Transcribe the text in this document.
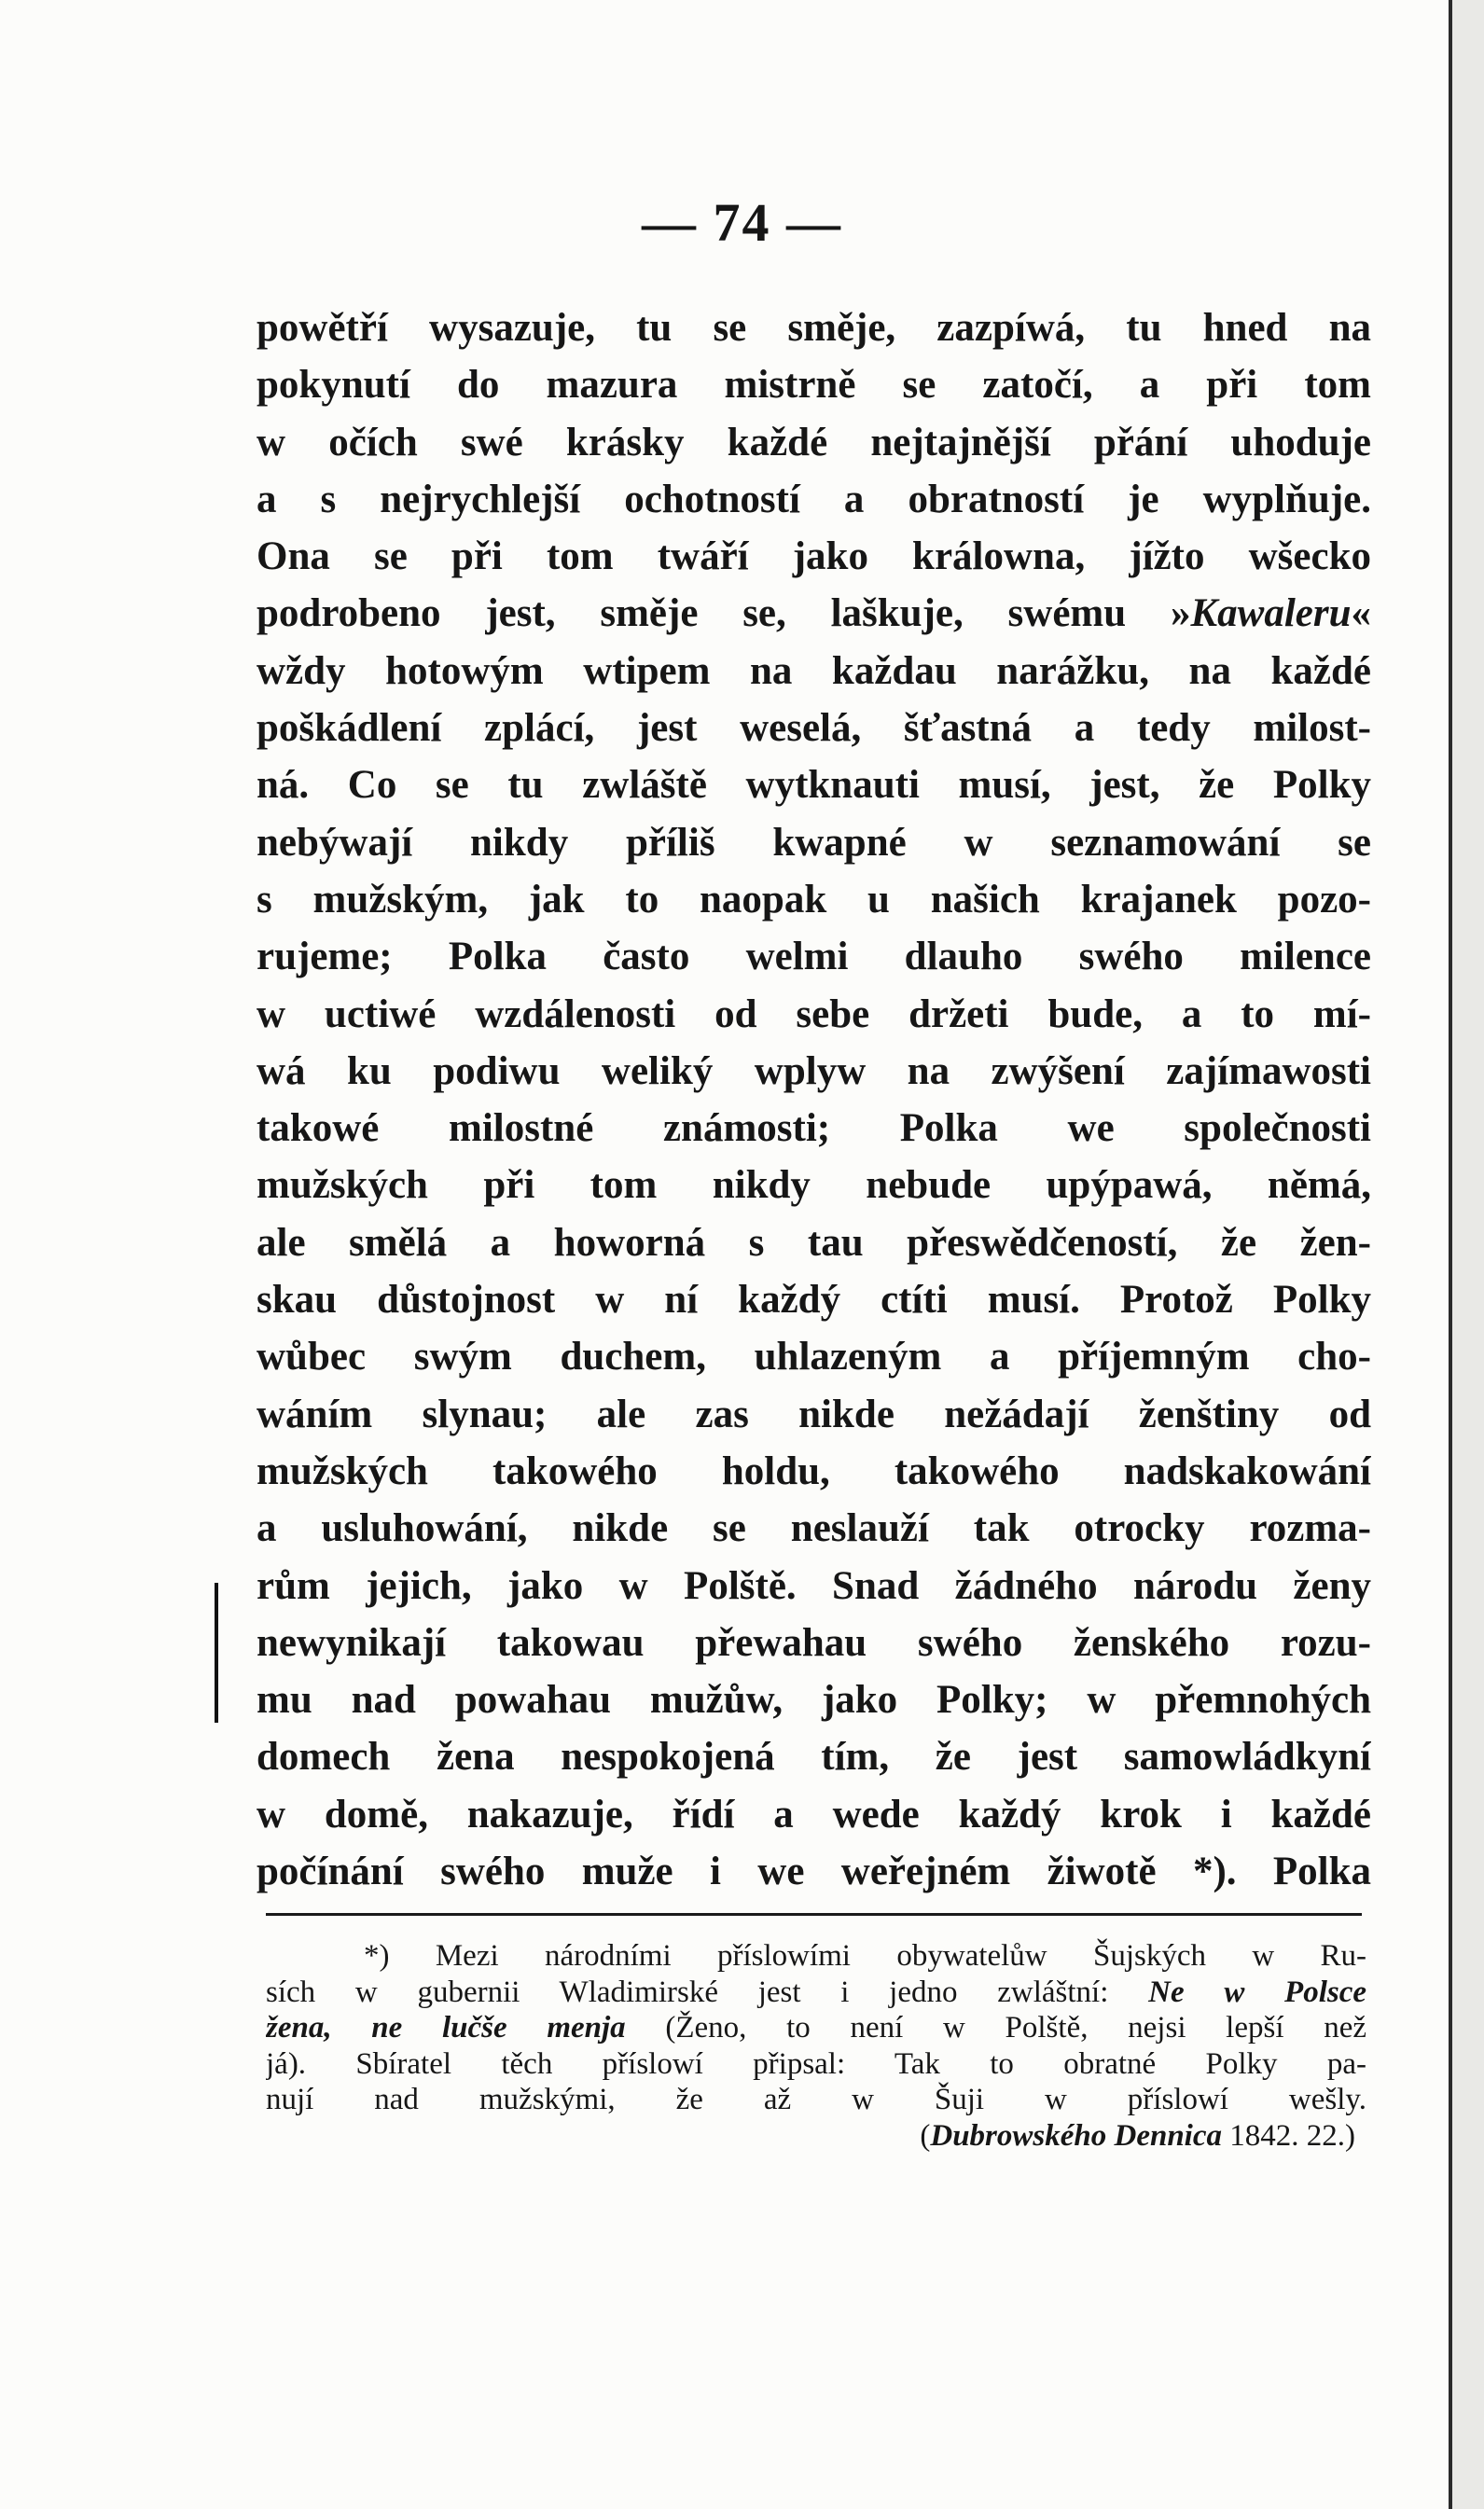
— 74 —
powětří wysazuje, tu se směje, zazpíwá, tu hned na
pokynutí do mazura mistrně se zatočí, a při tom
w očích swé krásky každé nejtajnější přání uhoduje
a s nejrychlejší ochotností a obratností je wyplňuje.
Ona se při tom twáří jako králowna, jížto wšecko
podrobeno jest, směje se, laškuje, swému »Kawaleru«
wždy hotowým wtipem na každau narážku, na každé
poškádlení zplácí, jest weselá, šťastná a tedy milost-
ná. Co se tu zwláště wytknauti musí, jest, že Polky
nebýwají nikdy příliš kwapné w seznamowání se
s mužským, jak to naopak u našich krajanek pozo-
rujeme; Polka často welmi dlauho swého milence
w uctiwé wzdálenosti od sebe držeti bude, a to mí-
wá ku podiwu weliký wplyw na zwýšení zajímawosti
takowé milostné známosti; Polka we společnosti
mužských při tom nikdy nebude upýpawá, němá,
ale smělá a howorná s tau přeswědčeností, že žen-
skau důstojnost w ní každý ctíti musí. Protož Polky
wůbec swým duchem, uhlazeným a příjemným cho-
wáním slynau; ale zas nikde nežádají ženštiny od
mužských takowého holdu, takowého nadskakowání
a usluhowání, nikde se neslauží tak otrocky rozma-
rům jejich, jako w Polště. Snad žádného národu ženy
newynikají takowau přewahau swého ženského rozu-
mu nad powahau mužůw, jako Polky; w přemnohých
domech žena nespokojená tím, že jest samowládkyní
w domě, nakazuje, řídí a wede každý krok i každé
počínání swého muže i we weřejném žiwotě *). Polka
*) Mezi národními příslowími obywatelůw Šujských w Ru-
sích w gubernii Wladimirské jest i jedno zwláštní: Ne w Polsce
žena, ne lučše menja (Ženo, to není w Polště, nejsi lepší než
já). Sbíratel těch příslowí připsal: Tak to obratné Polky pa-
nují nad mužskými, že až w Šuji w příslowí wešly.
(Dubrowského Dennica 1842. 22.)
